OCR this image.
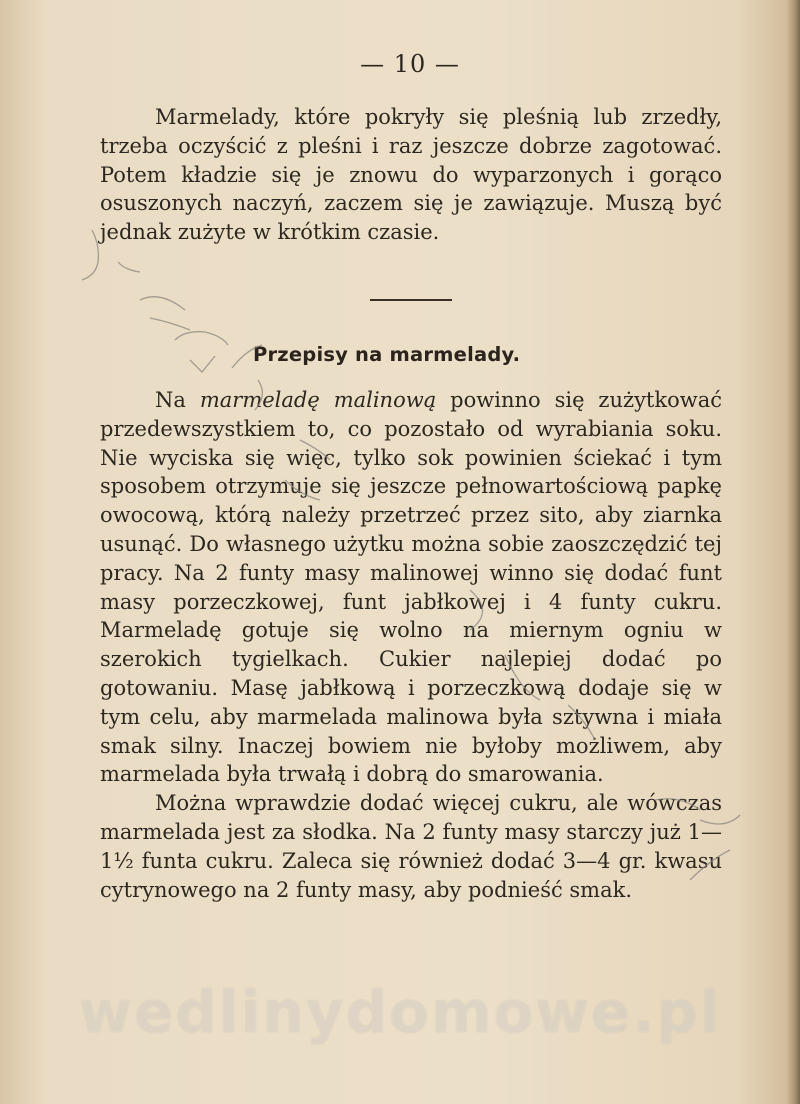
— 10 —

Marmelady, które pokryły się pleśnią lub zrzedły, trzeba oczyścić z pleśni i raz jeszcze dobrze zagotować. Potem kładzie się je znowu do wyparzonych i gorąco osuszonych naczyń, zaczem się je zawiązuje. Muszą być jednak zużyte w krótkim czasie.

Przepisy na marmelady.

Na marmeladę malinową powinno się zużytkować przedewszystkiem to, co pozostało od wyrabiania soku. Nie wyciska się więc, tylko sok powinien ściekać i tym sposobem otrzymuje się jeszcze pełnowartościową papkę owocową, którą należy przetrzeć przez sito, aby ziarnka usunąć. Do własnego użytku można sobie zaoszczędzić tej pracy. Na 2 funty masy malinowej winno się dodać funt masy porzeczkowej, funt jabłkowej i 4 funty cukru. Marmeladę gotuje się wolno na miernym ogniu w szerokich tygielkach. Cukier najlepiej dodać po gotowaniu. Masę jabłkową i porzeczkową dodaje się w tym celu, aby marmelada malinowa była sztywna i miała smak silny. Inaczej bowiem nie byłoby możliwem, aby marmelada była trwałą i dobrą do smarowania.

Można wprawdzie dodać więcej cukru, ale wówczas marmelada jest za słodka. Na 2 funty masy starczy już 1—1½ funta cukru. Zaleca się również dodać 3—4 gr. kwasu cytrynowego na 2 funty masy, aby podnieść smak.

wedlinydomowe.pl
